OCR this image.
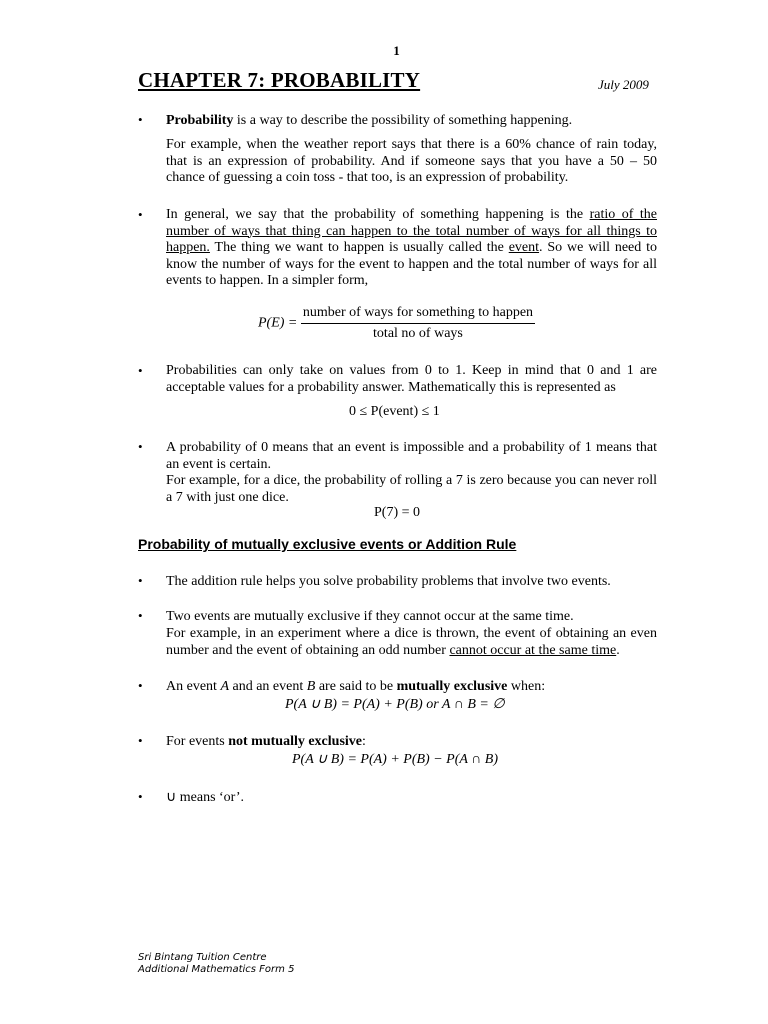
1
CHAPTER 7: PROBABILITY	July 2009
• Probability is a way to describe the possibility of something happening.
For example, when the weather report says that there is a 60% chance of rain today, that is an expression of probability. And if someone says that you have a 50 – 50 chance of guessing a coin toss - that too, is an expression of probability.
• In general, we say that the probability of something happening is the ratio of the number of ways that thing can happen to the total number of ways for all things to happen. The thing we want to happen is usually called the event. So we will need to know the number of ways for the event to happen and the total number of ways for all events to happen. In a simpler form,
$P(E) = \frac{\text{number of ways for something to happen}}{\text{total no of ways}}$
• Probabilities can only take on values from 0 to 1. Keep in mind that 0 and 1 are acceptable values for a probability answer. Mathematically this is represented as
0 ≤ P(event) ≤ 1
• A probability of 0 means that an event is impossible and a probability of 1 means that an event is certain.
For example, for a dice, the probability of rolling a 7 is zero because you can never roll a 7 with just one dice.
P(7) = 0
Probability of mutually exclusive events or Addition Rule
• The addition rule helps you solve probability problems that involve two events.
• Two events are mutually exclusive if they cannot occur at the same time.
For example, in an experiment where a dice is thrown, the event of obtaining an even number and the event of obtaining an odd number cannot occur at the same time.
• An event A and an event B are said to be mutually exclusive when:
P(A ∪ B) = P(A) + P(B) or A ∩ B = ∅
• For events not mutually exclusive:
P(A ∪ B) = P(A) + P(B) − P(A ∩ B)
• ∪ means ‘or’.
Sri Bintang Tuition Centre
Additional Mathematics Form 5
